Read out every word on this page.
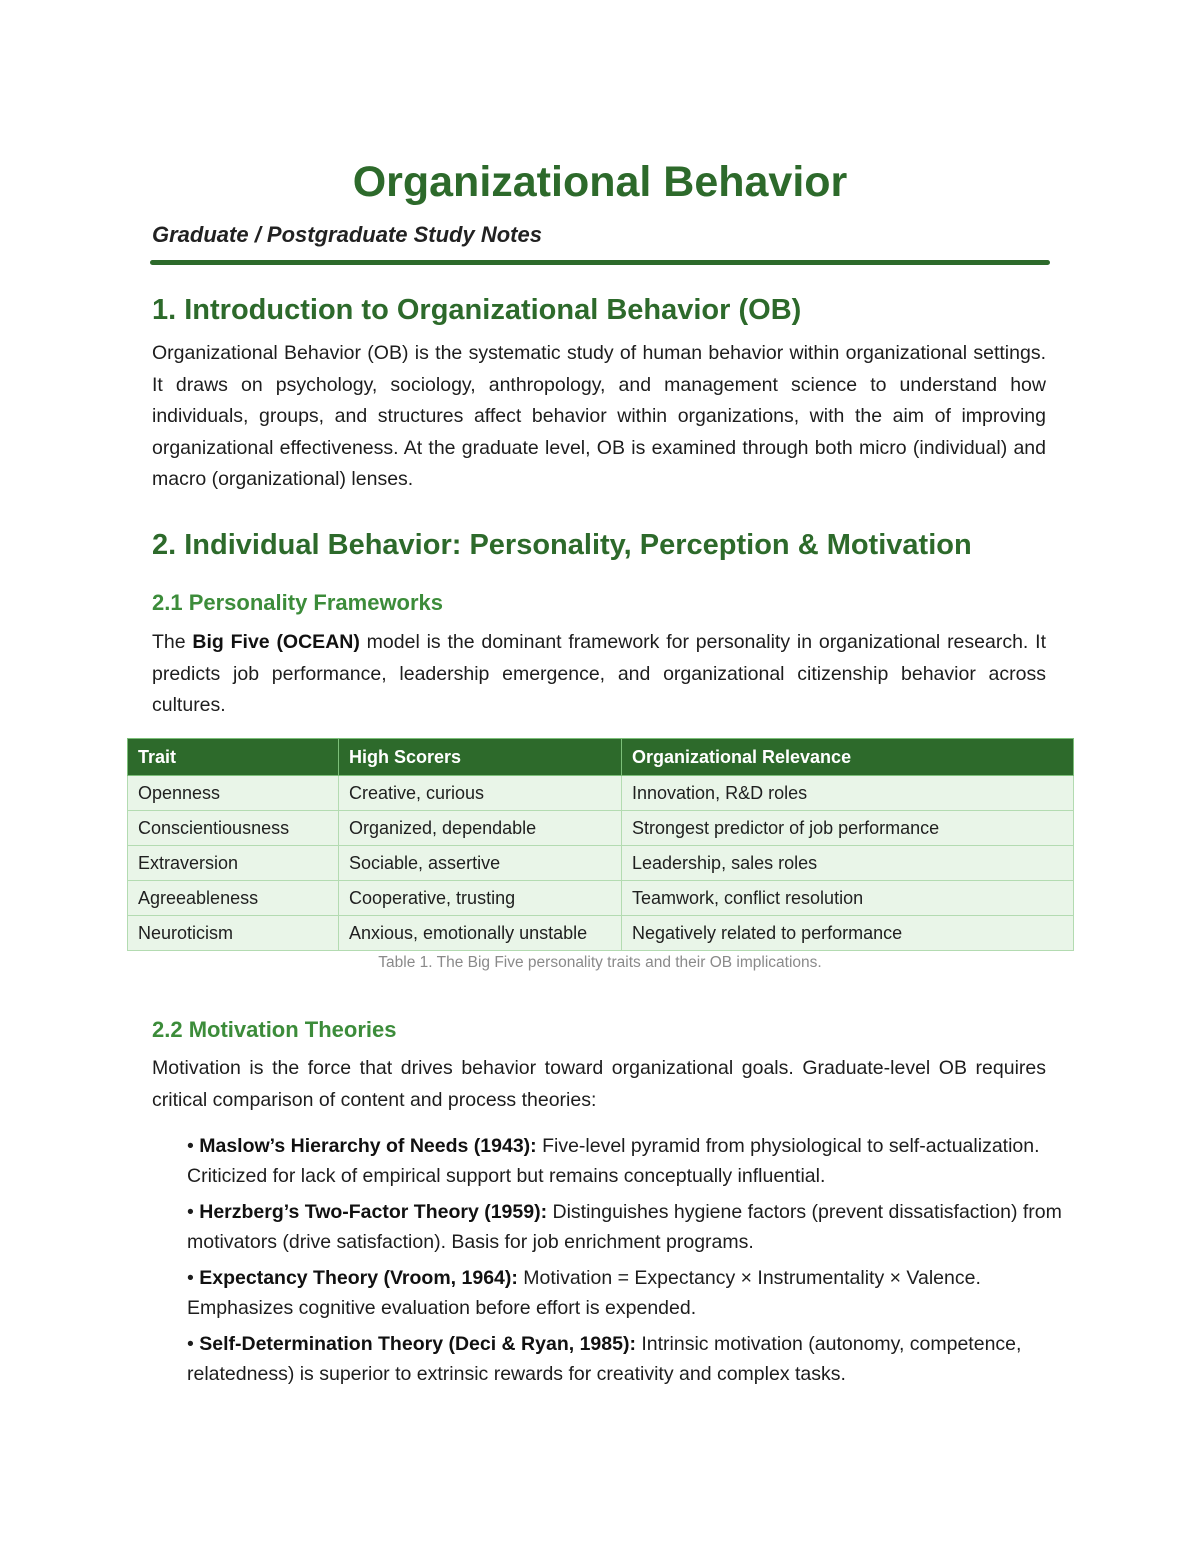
Organizational Behavior

Graduate / Postgraduate Study Notes

1. Introduction to Organizational Behavior (OB)

Organizational Behavior (OB) is the systematic study of human behavior within organizational settings. It draws on psychology, sociology, anthropology, and management science to understand how individuals, groups, and structures affect behavior within organizations, with the aim of improving organizational effectiveness. At the graduate level, OB is examined through both micro (individual) and macro (organizational) lenses.

2. Individual Behavior: Personality, Perception & Motivation
2.1 Personality Frameworks

The Big Five (OCEAN) model is the dominant framework for personality in organizational research. It predicts job performance, leadership emergence, and organizational citizenship behavior across cultures.

Trait	High Scorers	Organizational Relevance
Openness	Creative, curious	Innovation, R&D roles
Conscientiousness	Organized, dependable	Strongest predictor of job performance
Extraversion	Sociable, assertive	Leadership, sales roles
Agreeableness	Cooperative, trusting	Teamwork, conflict resolution
Neuroticism	Anxious, emotionally unstable	Negatively related to performance

Table 1. The Big Five personality traits and their OB implications.

2.2 Motivation Theories

Motivation is the force that drives behavior toward organizational goals. Graduate-level OB requires critical comparison of content and process theories:

• Maslow’s Hierarchy of Needs (1943): Five-level pyramid from physiological to self-actualization. Criticized for lack of empirical support but remains conceptually influential.
• Herzberg’s Two-Factor Theory (1959): Distinguishes hygiene factors (prevent dissatisfaction) from motivators (drive satisfaction). Basis for job enrichment programs.
• Expectancy Theory (Vroom, 1964): Motivation = Expectancy × Instrumentality × Valence. Emphasizes cognitive evaluation before effort is expended.
• Self-Determination Theory (Deci & Ryan, 1985): Intrinsic motivation (autonomy, competence, relatedness) is superior to extrinsic rewards for creativity and complex tasks.
